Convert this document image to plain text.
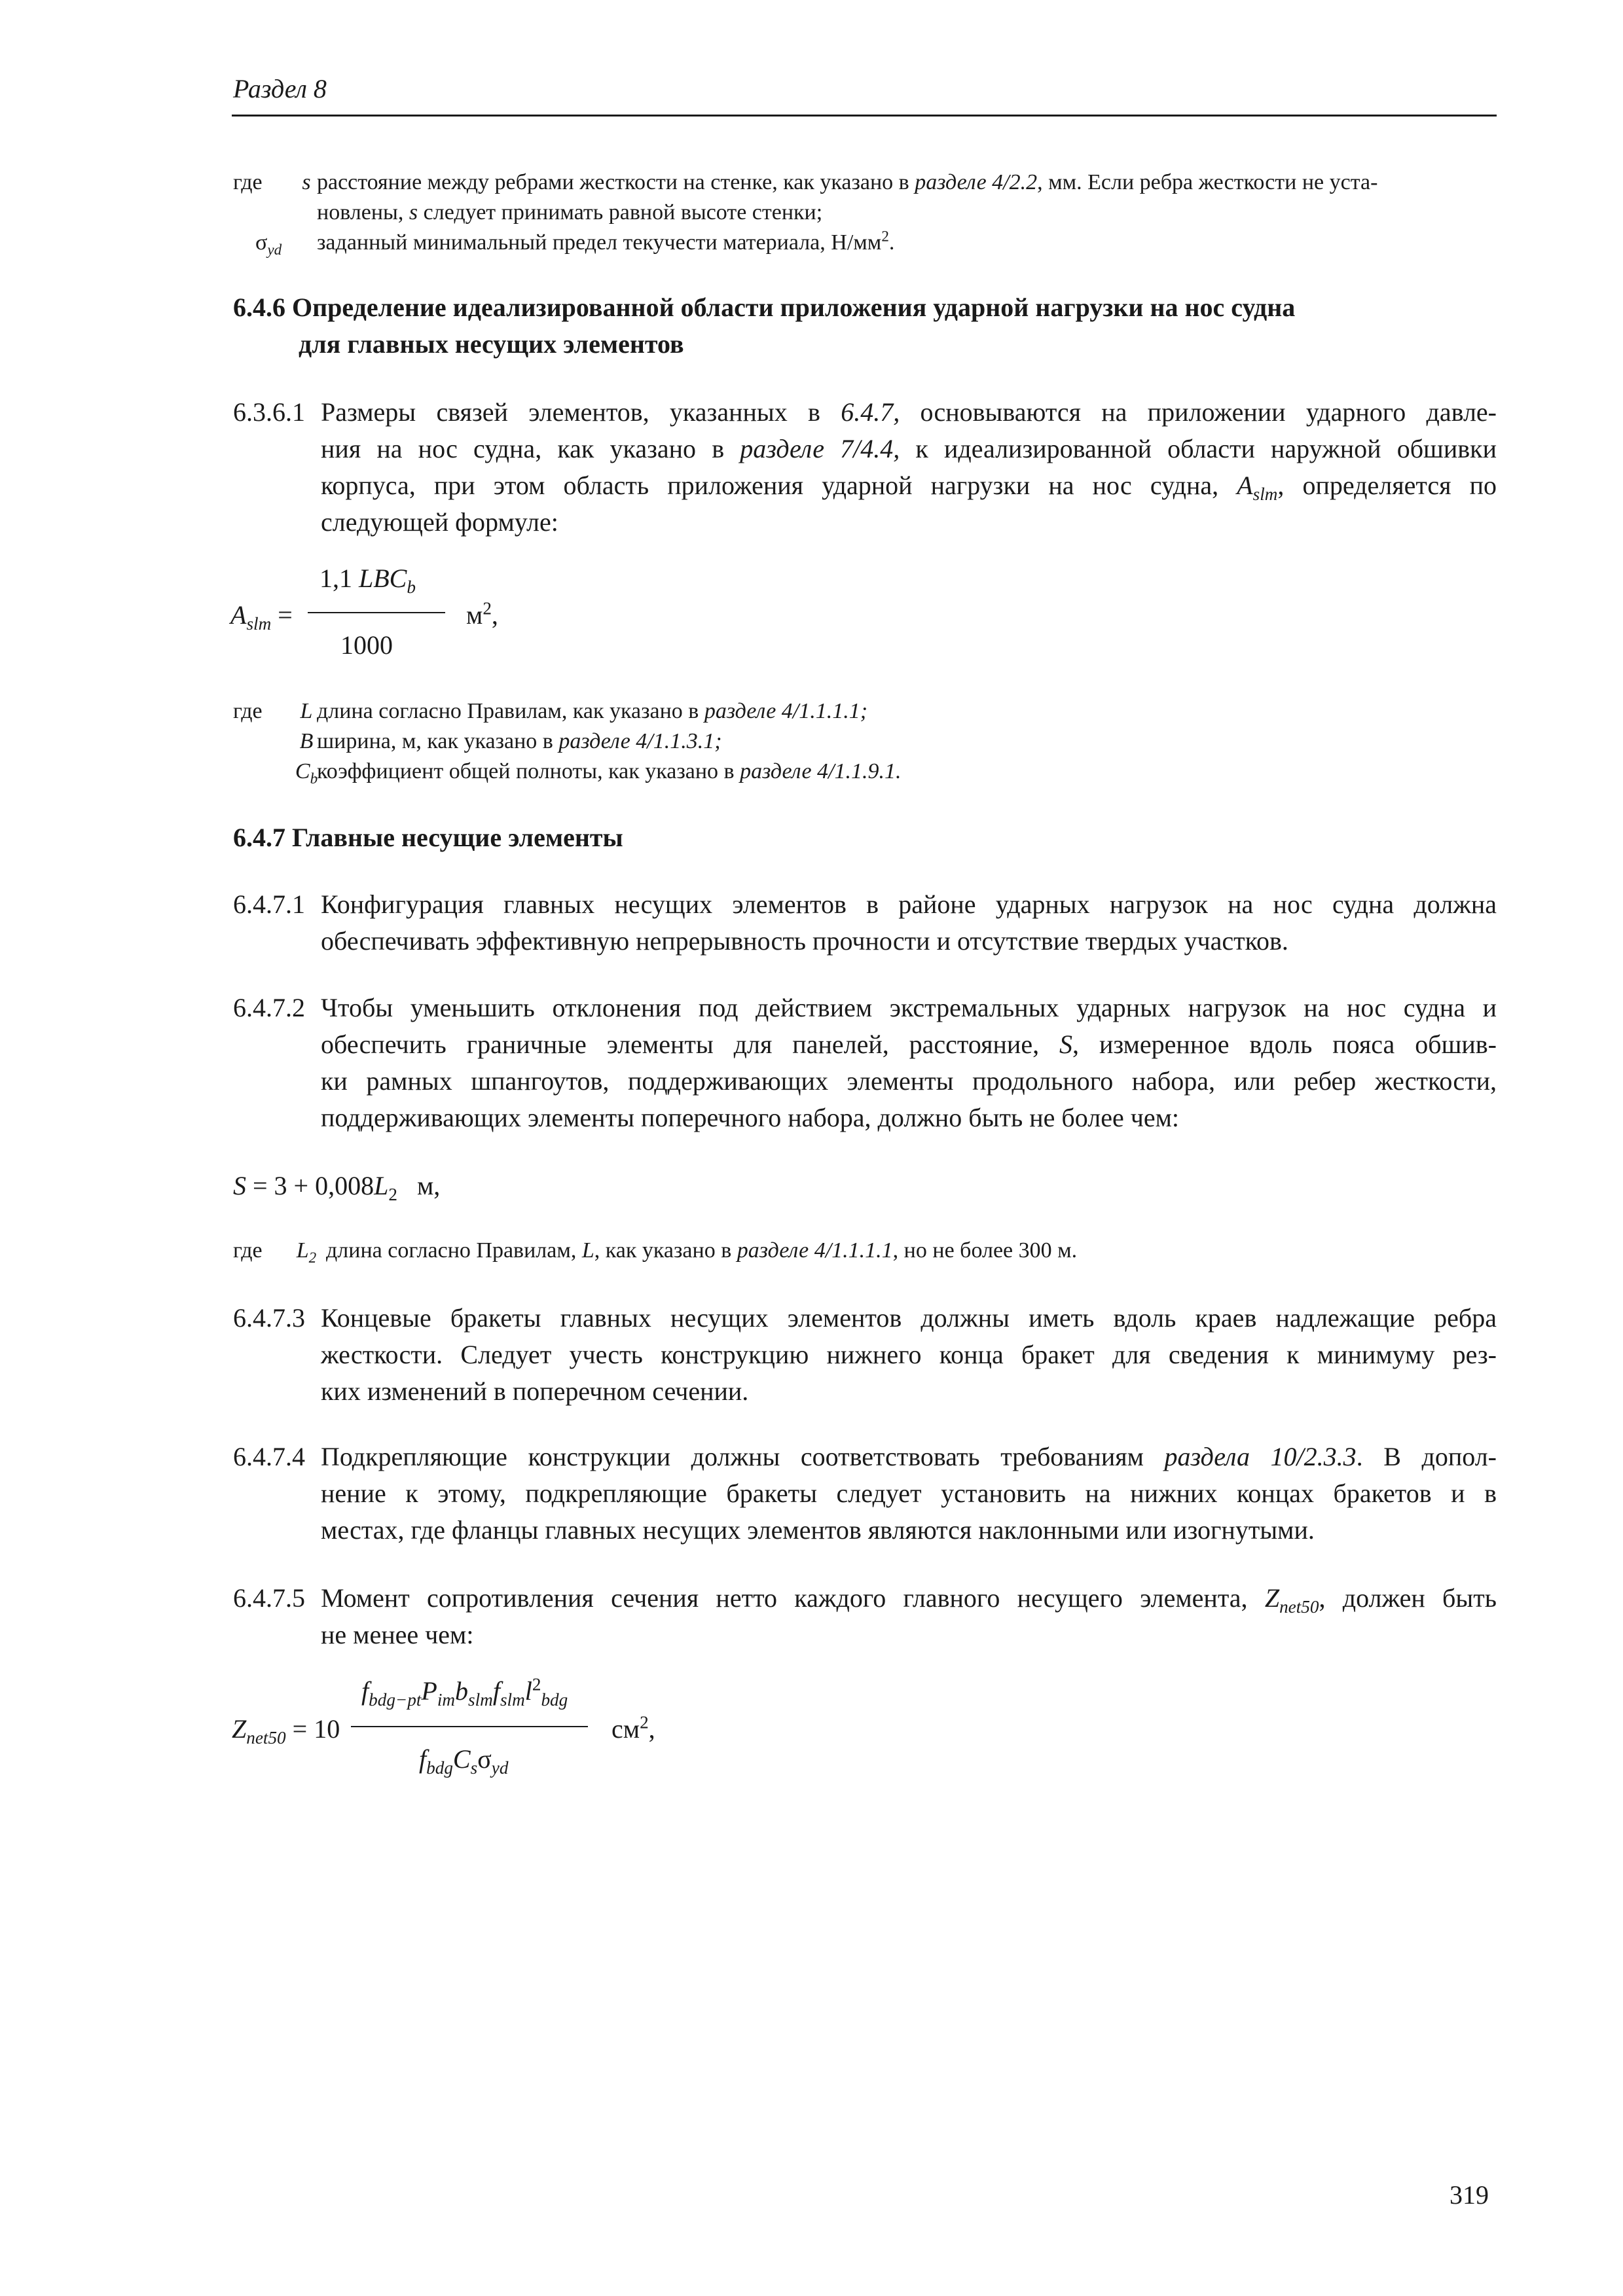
Раздел 8
где	s расстояние между ребрами жесткости на стенке, как указано в разделе 4/2.2, мм. Если ребра жесткости не уста-
новлены, s следует принимать равной высоте стенки;
$\sigma_{yd}$ заданный минимальный предел текучести материала, $Н/мм^2$.
6.4.6 Определение идеализированной области приложения ударной нагрузки на нос судна
для главных несущих элементов
6.3.6.1 Размеры связей элементов, указанных в 6.4.7, основываются на приложении ударного давле-
ния на нос судна, как указано в разделе 7/4.4, к идеализированной области наружной обшивки
корпуса, при этом область приложения ударной нагрузки на нос судна, $A_{slm}$, определяется по
следующей формуле:
$A_{slm}$ =
1,1 $LBC_b$
1000
$м^2$,
где	L длина согласно Правилам, как указано в разделе 4/1.1.1.1;
B ширина, м, как указано в разделе 4/1.1.3.1;
$C_b$
коэффициент общей полноты, как указано в разделе 4/1.1.9.1.
6.4.7 Главные несущие элементы
6.4.7.1 Конфигурация главных несущих элементов в районе ударных нагрузок на нос судна должна
обеспечивать эффективную непрерывность прочности и отсутствие твердых участков.
6.4.7.2 Чтобы уменьшить отклонения под действием экстремальных ударных нагрузок на нос судна и
обеспечить граничные элементы для панелей, расстояние, S, измеренное вдоль пояса обшив-
ки рамных шпангоутов, поддерживающих элементы продольного набора, или ребер жесткости,
поддерживающих элементы поперечного набора, должно быть не более чем:
$S = 3 + 0,008L_2$ м,
где	$L_2$ длина согласно Правилам, L, как указано в разделе 4/1.1.1.1, но не более 300 м.
6.4.7.3 Концевые бракеты главных несущих элементов должны иметь вдоль краев надлежащие ребра
жесткости. Следует учесть конструкцию нижнего конца бракет для сведения к минимуму рез-
ких изменений в поперечном сечении.
6.4.7.4 Подкрепляющие конструкции должны соответствовать требованиям раздела 10/2.3.3. В допол-
нение к этому, подкрепляющие бракеты следует установить на нижних концах бракетов и в
местах, где фланцы главных несущих элементов являются наклонными или изогнутыми.
6.4.7.5 Момент сопротивления сечения нетто каждого главного несущего элемента, $Z_{net50}$, должен быть
не менее чем:
$Z_{net50} = 10$
$f_{bdg-pt}P_{im}b_{slm}f_{slm}l^2_{bdg}$
$f_{bdg}C_s\sigma_{yd}$
$см^2$,
319
